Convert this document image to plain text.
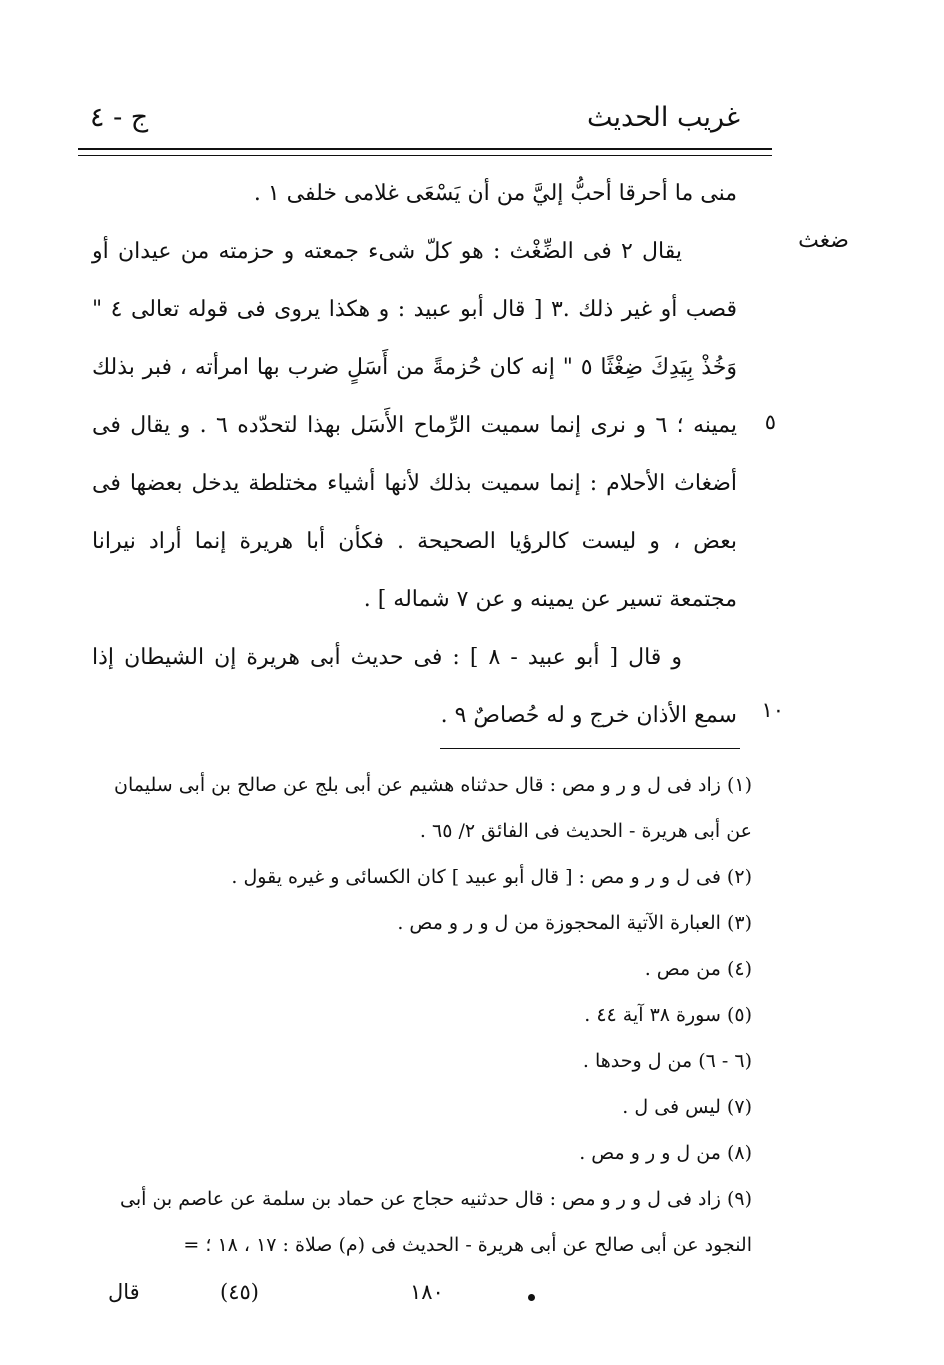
غريب الحديث
ج - ٤
ضغث
٥
١٠

منى ما أحرقا أحبُّ إليَّ من أن يَسْعَى غلامى خلفى ١ .

يقال ٢ فى الضِّغْث : هو كلّ شىء جمعته و حزمته من عيدان أو قصب أو غير ذلك .٣ [ قال أبو عبيد : و هكذا يروى فى قوله تعالى ٤ " وَخُذْ بِيَدِكَ ضِغْثًا ٥ " إنه كان حُزمةً من أَسَلٍ ضرب بها امرأته ، فبر بذلك يمينه ؛ ٦ و نرى إنما سميت الرِّماح الأَسَل بهذا لتحدّده ٦ . و يقال فى أضغاث الأحلام : إنما سميت بذلك لأنها أشياء مختلطة يدخل بعضها فى بعض ، و ليست كالرؤيا الصحيحة . فكأن أبا هريرة إنما أراد نيرانا مجتمعة تسير عن يمينه و عن ٧ شماله ] .

و قال [ أبو عبيد - ٨ ] : فى حديث أبى هريرة إن الشيطان إذا سمع الأذان خرج و له حُصاصٌ ٩ .

(١) زاد فى ل و ر و مص : قال حدثناه هشيم عن أبى بلج عن صالح بن أبى سليمان عن أبى هريرة - الحديث فى الفائق ٢/ ٦٥ .

(٢) فى ل و ر و مص : [ قال أبو عبيد ] كان الكسائى و غيره يقول .

(٣) العبارة الآتية المحجوزة من ل و ر و مص .

(٤) من مص .

(٥) سورة ٣٨ آية ٤٤ .

(٦ - ٦) من ل وحدها .

(٧) ليس فى ل .

(٨) من ل و ر و مص .

(٩) زاد فى ل و ر و مص : قال حدثنيه حجاج عن حماد بن سلمة عن عاصم بن أبى النجود عن أبى صالح عن أبى هريرة - الحديث فى (م) صلاة : ١٧ ، ١٨ ؛ =

قال	(٤٥)	١٨٠
